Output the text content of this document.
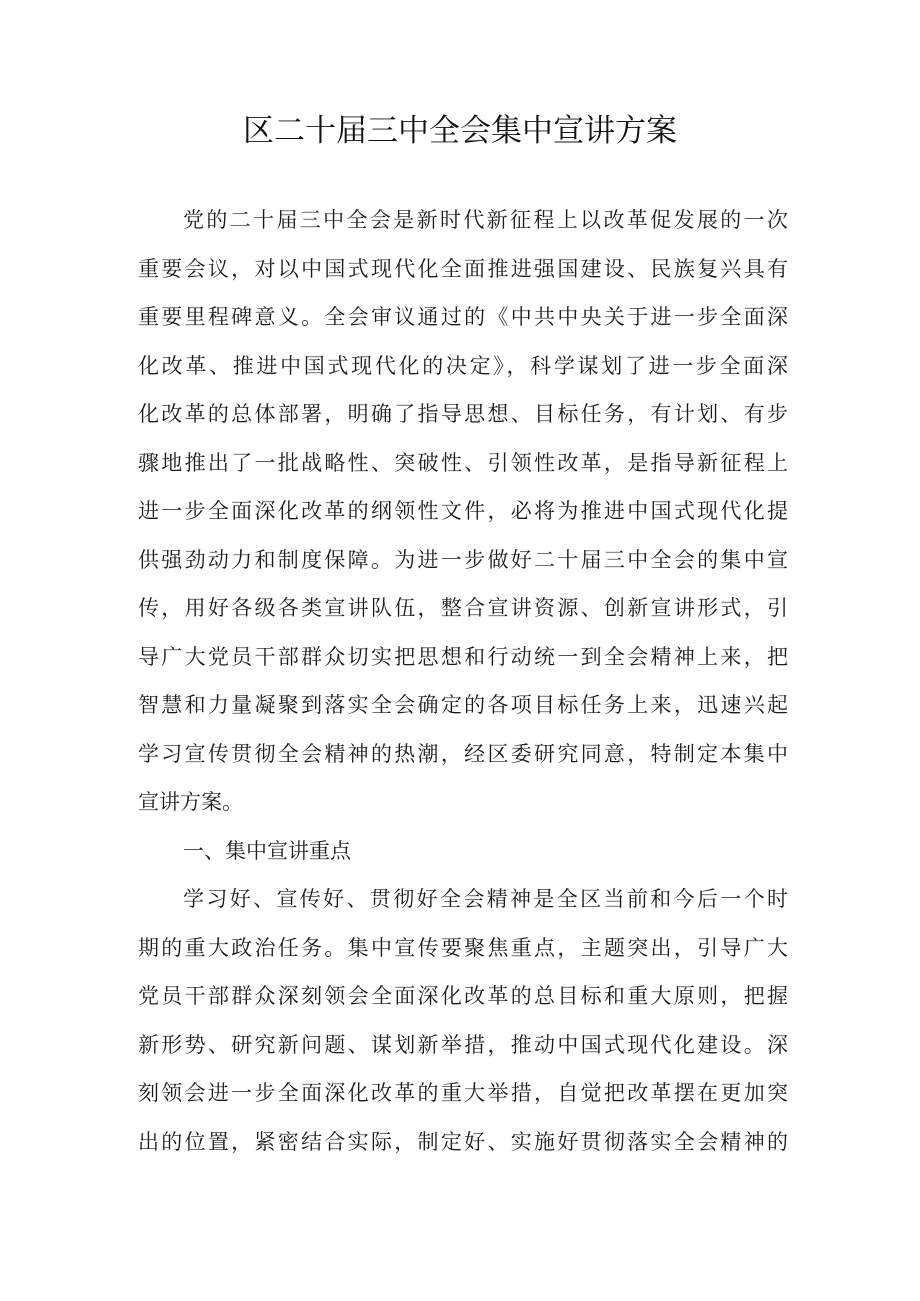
区二十届三中全会集中宣讲方案
党的二十届三中全会是新时代新征程上以改革促发展的一次
重要会议，对以中国式现代化全面推进强国建设、民族复兴具有
重要里程碑意义。全会审议通过的《中共中央关于进一步全面深
化改革、推进中国式现代化的决定》，科学谋划了进一步全面深
化改革的总体部署，明确了指导思想、目标任务，有计划、有步
骤地推出了一批战略性、突破性、引领性改革，是指导新征程上
进一步全面深化改革的纲领性文件，必将为推进中国式现代化提
供强劲动力和制度保障。为进一步做好二十届三中全会的集中宣
传，用好各级各类宣讲队伍，整合宣讲资源、创新宣讲形式，引
导广大党员干部群众切实把思想和行动统一到全会精神上来，把
智慧和力量凝聚到落实全会确定的各项目标任务上来，迅速兴起
学习宣传贯彻全会精神的热潮，经区委研究同意，特制定本集中
宣讲方案。
一、集中宣讲重点
学习好、宣传好、贯彻好全会精神是全区当前和今后一个时
期的重大政治任务。集中宣传要聚焦重点，主题突出，引导广大
党员干部群众深刻领会全面深化改革的总目标和重大原则，把握
新形势、研究新问题、谋划新举措，推动中国式现代化建设。深
刻领会进一步全面深化改革的重大举措，自觉把改革摆在更加突
出的位置，紧密结合实际，制定好、实施好贯彻落实全会精神的
